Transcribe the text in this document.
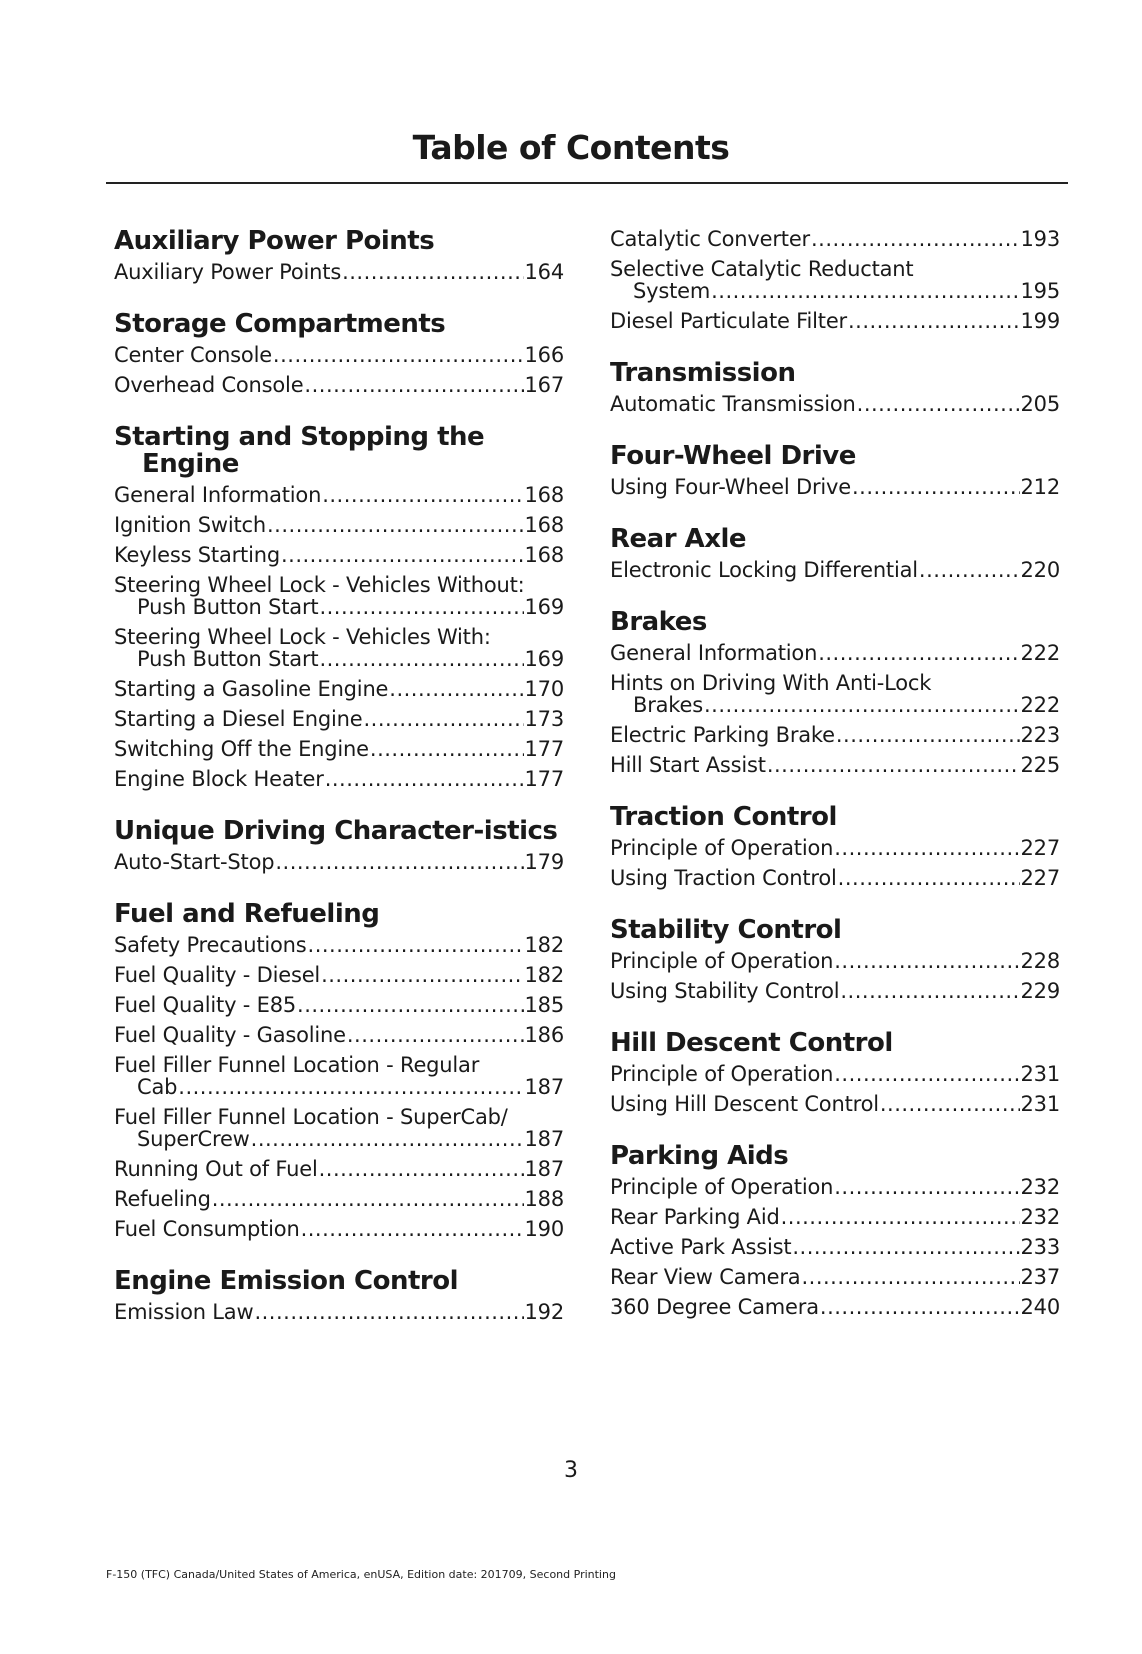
Table of Contents
Auxiliary Power Points
Auxiliary Power Points .....	164
Storage Compartments
Center Console .....	166
Overhead Console .....	167
Starting and Stopping the Engine
General Information .....	168
Ignition Switch .....	168
Keyless Starting .....	168
Steering Wheel Lock - Vehicles Without:
Push Button Start .....	169
Steering Wheel Lock - Vehicles With:
Push Button Start .....	169
Starting a Gasoline Engine .....	170
Starting a Diesel Engine .....	173
Switching Off the Engine .....	177
Engine Block Heater .....	177
Unique Driving Character-istics
Auto-Start-Stop .....	179
Fuel and Refueling
Safety Precautions .....	182
Fuel Quality - Diesel .....	182
Fuel Quality - E85 .....	185
Fuel Quality - Gasoline .....	186
Fuel Filler Funnel Location - Regular
Cab .....	187
Fuel Filler Funnel Location - SuperCab/
SuperCrew .....	187
Running Out of Fuel .....	187
Refueling .....	188
Fuel Consumption .....	190
Engine Emission Control
Emission Law .....	192
Catalytic Converter .....	193
Selective Catalytic Reductant
System .....	195
Diesel Particulate Filter .....	199
Transmission
Automatic Transmission .....	205
Four-Wheel Drive
Using Four-Wheel Drive .....	212
Rear Axle
Electronic Locking Differential .....	220
Brakes
General Information .....	222
Hints on Driving With Anti-Lock
Brakes .....	222
Electric Parking Brake .....	223
Hill Start Assist .....	225
Traction Control
Principle of Operation .....	227
Using Traction Control .....	227
Stability Control
Principle of Operation .....	228
Using Stability Control .....	229
Hill Descent Control
Principle of Operation .....	231
Using Hill Descent Control .....	231
Parking Aids
Principle of Operation .....	232
Rear Parking Aid .....	232
Active Park Assist .....	233
Rear View Camera .....	237
360 Degree Camera .....	240
3
F-150 (TFC) Canada/United States of America, enUSA, Edition date: 201709, Second Printing
